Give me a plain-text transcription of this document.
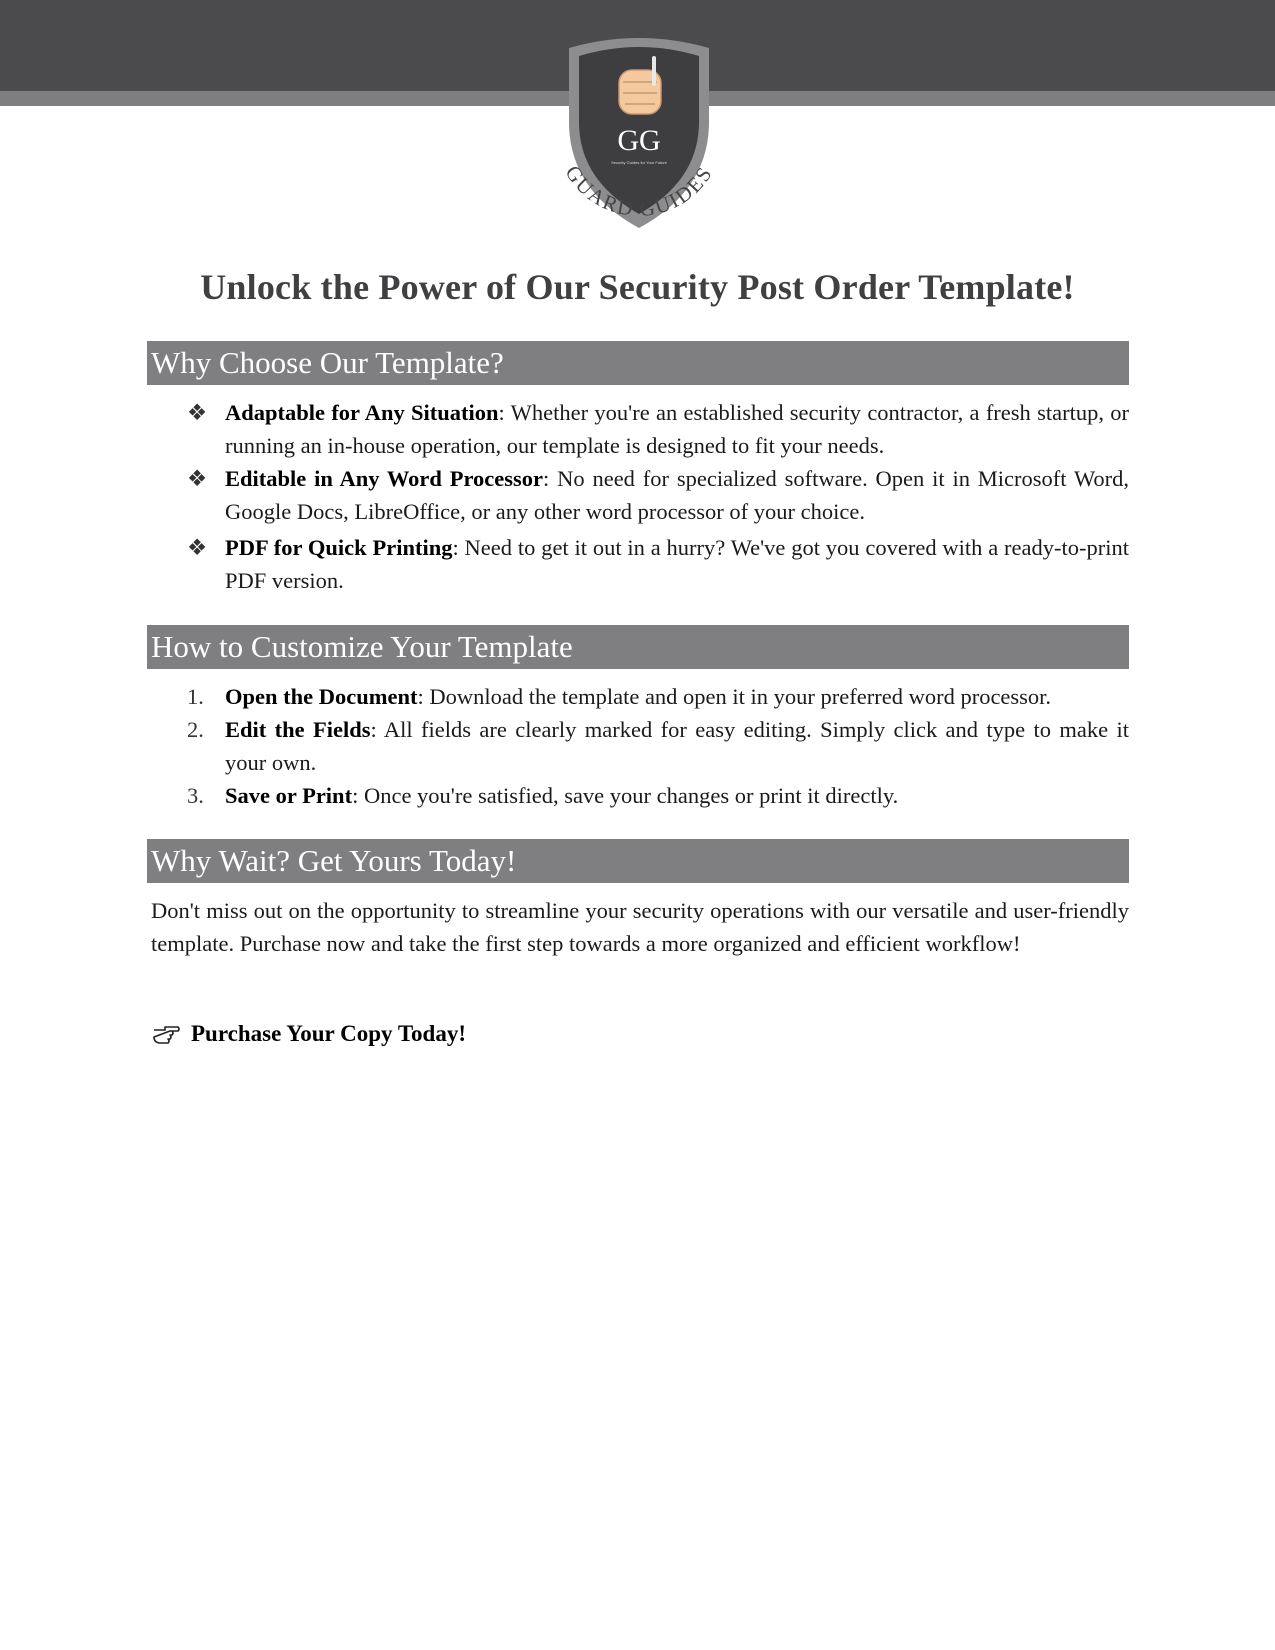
GG
Security Guides for Your Future
GUARD GUIDES
Unlock the Power of Our Security Post Order Template!
Why Choose Our Template?

❖ Adaptable for Any Situation: Whether you're an established security contractor, a fresh startup, or running an in-house operation, our template is designed to fit your needs.

❖ Editable in Any Word Processor: No need for specialized software. Open it in Microsoft Word, Google Docs, LibreOffice, or any other word processor of your choice.

❖ PDF for Quick Printing: Need to get it out in a hurry? We've got you covered with a ready-to-print PDF version.

How to Customize Your Template

1. Open the Document: Download the template and open it in your preferred word processor.

2. Edit the Fields: All fields are clearly marked for easy editing. Simply click and type to make it your own.

3. Save or Print: Once you're satisfied, save your changes or print it directly.

Why Wait? Get Yours Today!

Don't miss out on the opportunity to streamline your security operations with our versatile and user-friendly template. Purchase now and take the first step towards a more organized and efficient workflow!

Purchase Your Copy Today!
